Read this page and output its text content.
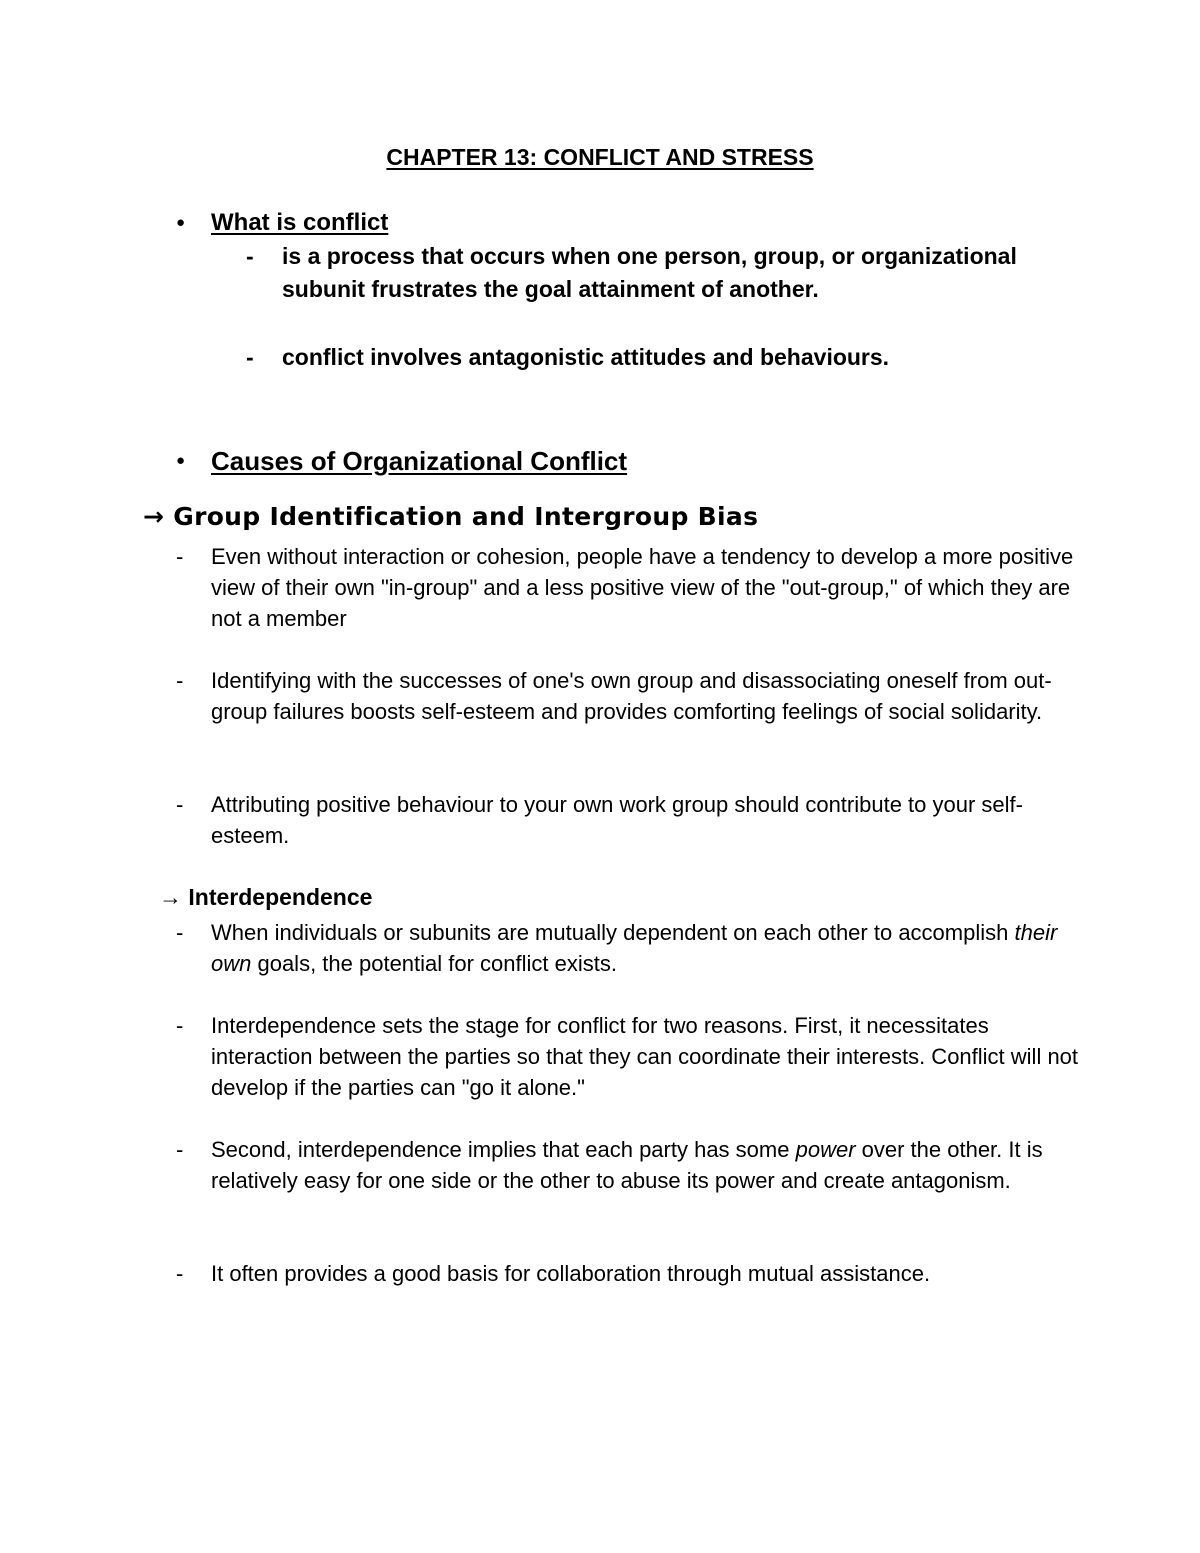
CHAPTER 13: CONFLICT AND STRESS
● What is conflict
- is a process that occurs when one person, group, or organizational subunit frustrates the goal attainment of another.
- conflict involves antagonistic attitudes and behaviours.
● Causes of Organizational Conflict
→ Group Identification and Intergroup Bias
- Even without interaction or cohesion, people have a tendency to develop a more positive view of their own "in-group" and a less positive view of the "out-group," of which they are not a member
- Identifying with the successes of one's own group and disassociating oneself from out-group failures boosts self-esteem and provides comforting feelings of social solidarity.
- Attributing positive behaviour to your own work group should contribute to your self-esteem.
→ Interdependence
- When individuals or subunits are mutually dependent on each other to accomplish their own goals, the potential for conflict exists.
- Interdependence sets the stage for conflict for two reasons. First, it necessitates interaction between the parties so that they can coordinate their interests. Conflict will not develop if the parties can "go it alone."
- Second, interdependence implies that each party has some power over the other. It is relatively easy for one side or the other to abuse its power and create antagonism.
- It often provides a good basis for collaboration through mutual assistance.
